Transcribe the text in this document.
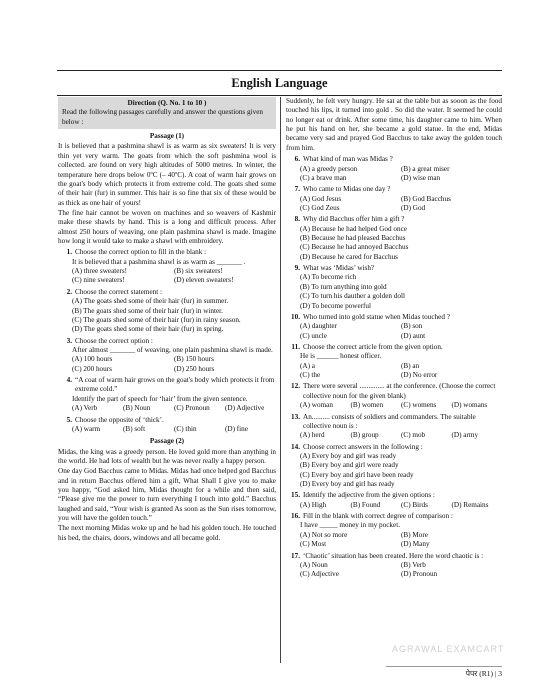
English Language
Direction (Q. No. 1 to 10 )
Read the following passages carefully and answer the questions given below :
Passage (1)

It is believed that a pashmina shawl is as warm as six sweaters! It is very thin yet very warm. The goats from which the soft pashmina wool is collected. are found on very high altitudes of 5000 metres. In winter, the temperature here drops below 0ºC (– 40ºC). A coat of warm hair grows on the goat's body which protects it from extreme cold. The goats shed some of their hair (fur) in summer. This hair is so fine that six of these would be as thick as one hair of yours!

The fine hair cannot be woven on machines and so weavers of Kashmir make these shawls by hand. This is a long and difficult process. After almost 250 hours of weaving, one plain pashmina shawl is made. Imagine how long it would take to make a shawl with embroidery.

1. Choose the correct option to fill in the blank :
It is believed that a pashmina shawl is as warm as _______ .
(A) three sweaters!	(B) six sweaters!
(C) nine sweaters!	(D) eleven sweaters!
2. Choose the correct statement :
(A) The goats shed some of their hair (fur) in summer.
(B) The goats shed some of their hair (fur) in winter.
(C) The goats shed some of their hair (fur) in rainy season.
(D) The goats shed some of their hair (fur) in spring.
3. Choose the correct option :
After almost _______ of weaving, one plain pashmina shawl is made.
(A) 100 hours	(B) 150 hours
(C) 200 hours	(D) 250 hours
4. “A coat of warm hair grows on the goat's body which protects it from extreme cold.”
Identify the part of speech for ‘hair’ from the given sentence.
(A) Verb	(B) Noun	(C) Pronoun	(D) Adjective
5. Choose the opposite of ‘thick’.
(A) warm	(B) soft	(C) thin	(D) fine
Passage (2)

Midas, the king was a greedy person. He loved gold more than anything in the world. He had lots of wealth but he was never really a happy person.

One day God Bacchus came to Midas. Midas had once helped god Bacchus and in return Bacchus offered him a gift, What Shall I give you to make you happy, “God asked him, Midas thought for a while and then said, “Please give me the power to turn everything I touch into gold.” Bacchus laughed and said, “Your wish is granted As soon as the Sun rises tomorrow, you will have the golden touch.”

The next morning Midas woke up and he had his golden touch. He touched his bed, the chairs, doors, windows and all became gold.

Suddenly, he felt very hungry. He sat at the table but as sooon as the food touched his lips, it turned into gold . So did the water. It seemed he could no longer eat or drink. After some time, his daughter came to him. When he put his hand on her, she became a gold statue. In the end, Midas became very sad and prayed God Bacchus to take away the golden touch from him.

6. What kind of man was Midas ?
(A) a greedy person	(B) a great miser
(C) a brave man	(D) wise man
7. Who came to Midas one day ?
(A) God Jesus	(B) God Bacchus
(C) God Zeus	(D) God
8. Why did Bacchus offer him a gift ?
(A) Because he had helped God once
(B) Because he had pleased Bacchus
(C) Because he had annoyed Bacchus
(D) Because he cared for Bacchus
9. What was ‘Midas’ wish?
(A) To become rich
(B) To turn anything into gold
(C) To turn his dauther a golden doll
(D) To become powerful
10. Who turned into gold statue when Midas touched ?
(A) daughter	(B) son
(C) uncle	(D) aunt
11. Choose the correct article from the given option.
He is ______ honest officer.
(A) a	(B) an
(C) the	(D) No error
12. There were several .............. at the conference. (Choose the correct collective noun for the given blank)
(A) woman	(B) women	(C) womens	(D) womans
13. An.......... consists of soldiers and commanders. The suitable collective noun is :
(A) herd	(B) group	(C) mob	(D) army
14. Choose correct answers in the following :
(A) Every boy and girl was ready
(B) Every boy and girl were ready
(C) Every boy and girl have been ready
(D) Every boy and girl has ready
15. Identify the adjective from the given options :
(A) High	(B) Found	(C) Birds	(D) Remains
16. Fill in the blank with correct degree of comparison :
I have _____ money in my pocket.
(A) Not so more	(B) More
(C) Most	(D) Many
17. ‘Chaotic’ situation has been created. Here the word chaotic is :
(A) Noun	(B) Verb
(C) Adjective	(D) Pronoun
AGRAWAL EXAMCART
पेपर (R1) | 3
